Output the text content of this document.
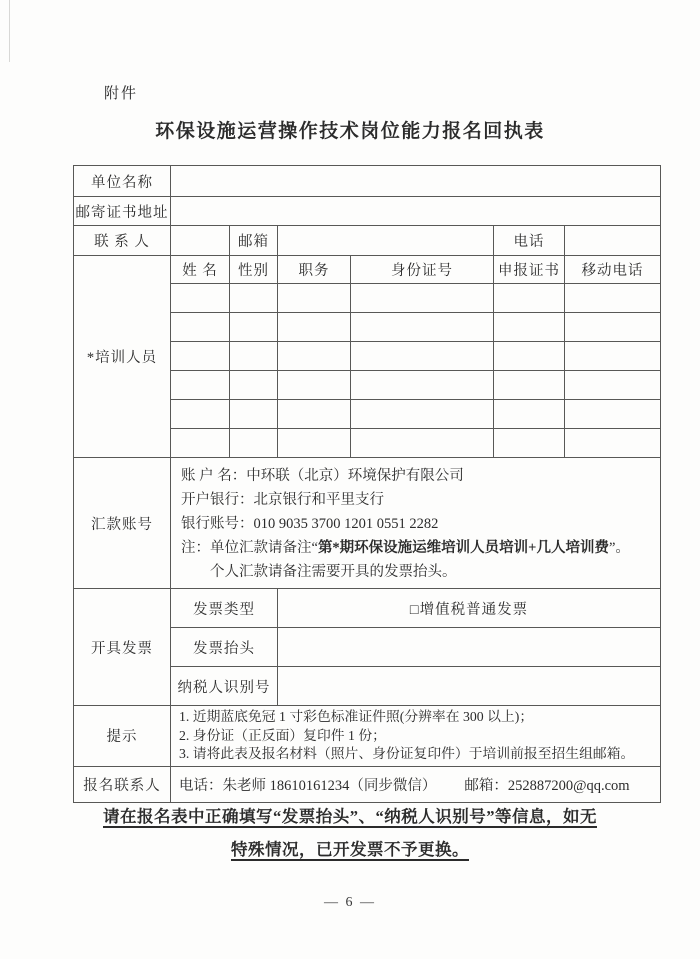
附件
环保设施运营操作技术岗位能力报名回执表
单位名称						
邮寄证书地址						
联 系 人		邮箱			电话	
*培训人员	姓 名	性别	职务	身份证号	申报证书	移动电话

汇款账号	账 户 名：中环联（北京）环境保护有限公司
开户银行：北京银行和平里支行
银行账号：010 9035 3700 1201 0551 2282
注：单位汇款请备注“第*期环保设施运维培训人员培训+几人培训费”。
个人汇款请备注需要开具的发票抬头。					

开具发票	发票类型		□增值税普通发票			
	发票抬头					
	纳税人识别号					
提示	1. 近期蓝底免冠 1 寸彩色标准证件照(分辨率在 300 以上)；
2. 身份证（正反面）复印件 1 份；
3. 请将此表及报名材料（照片、身份证复印件）于培训前报至招生组邮箱。					

报名联系人	电话：朱老师 18610161234（同步微信） 邮箱：252887200@qq.com					
请在报名表中正确填写“发票抬头”、“纳税人识别号”等信息，如无
特殊情况，已开发票不予更换。
— 6 —
